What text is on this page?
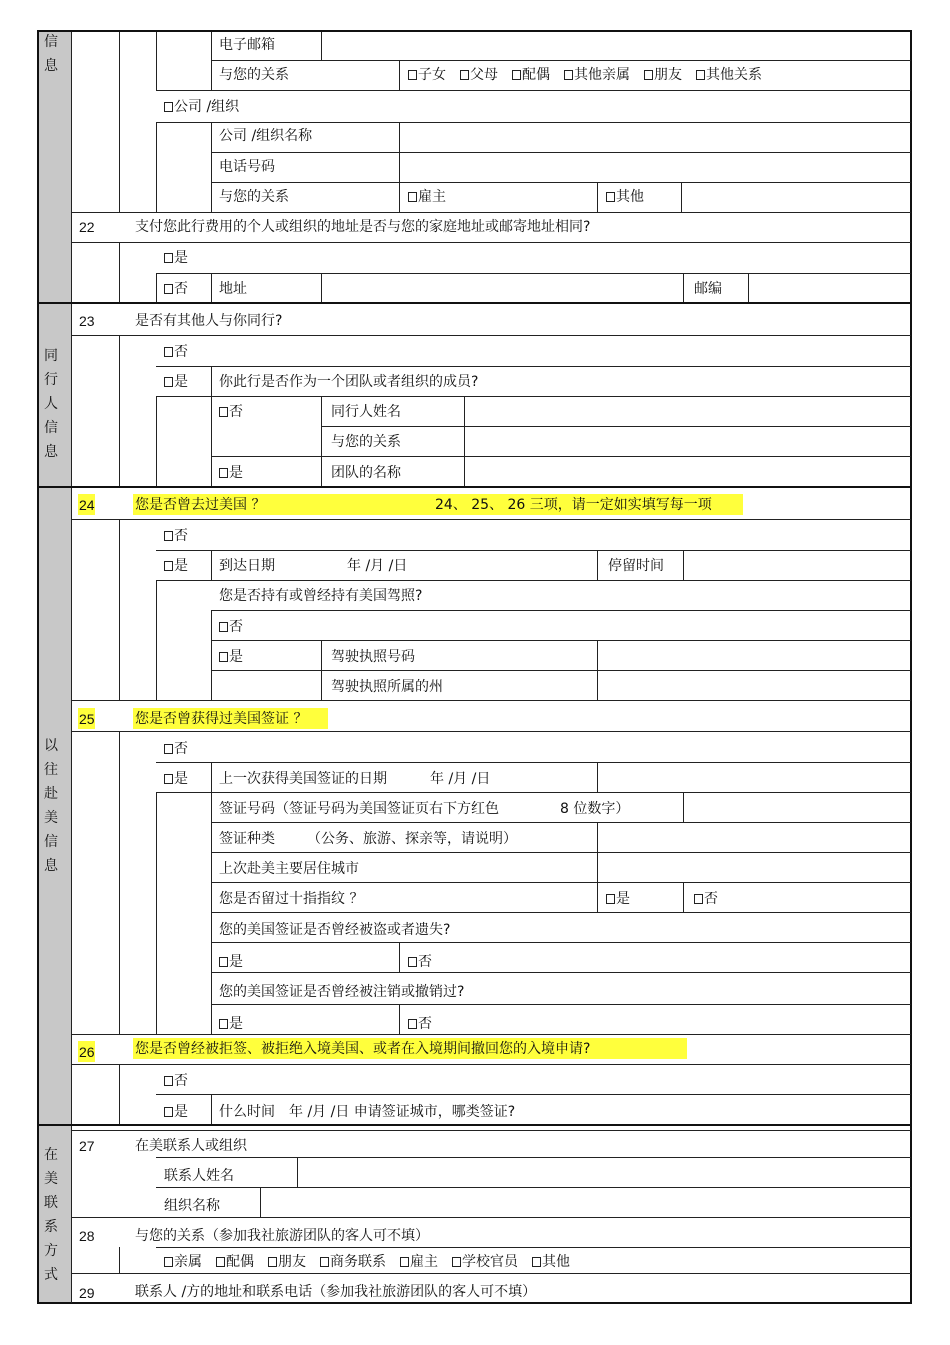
信息
同行人信息
以往赴美信息
在美联系方式
电子邮箱
与您的关系	子女 父母 配偶 其他亲属 朋友 其他关系
公司 /组织
公司 /组织名称
电话号码
与您的关系	雇主	其他
22	支付您此行费用的个人或组织的地址是否与您的家庭地址或邮寄地址相同?
是
否 地址	邮编
23	是否有其他人与你同行?
否
是 你此行是否作为一个团队或者组织的成员?
否	同行人姓名
与您的关系
是	团队的名称
24	您是否曾去过美国 ？	24、 25、 26 三项，请一定如实填写每一项
否
是 到达日期	年 /月 /日	停留时间
您是否持有或曾经持有美国驾照?
否
是	驾驶执照号码
驾驶执照所属的州
25	您是否曾获得过美国签证 ？
否
是 上一次获得美国签证的日期	年 /月 /日
签证号码（签证号码为美国签证页右下方红色	8 位数字）
签证种类 （公务、旅游、探亲等，请说明）
上次赴美主要居住城市
您是否留过十指指纹 ？	是	否
您的美国签证是否曾经被盗或者遗失?
是	否
您的美国签证是否曾经被注销或撤销过?
是	否
26	您是否曾经被拒签、被拒绝入境美国、或者在入境期间撤回您的入境申请?
否
是 什么时间　年 /月 /日 申请签证城市，哪类签证?
27	在美联系人或组织
联系人姓名
组织名称
28	与您的关系（参加我社旅游团队的客人可不填）
亲属 配偶 朋友 商务联系 雇主 学校官员 其他
29	联系人 /方的地址和联系电话（参加我社旅游团队的客人可不填）
